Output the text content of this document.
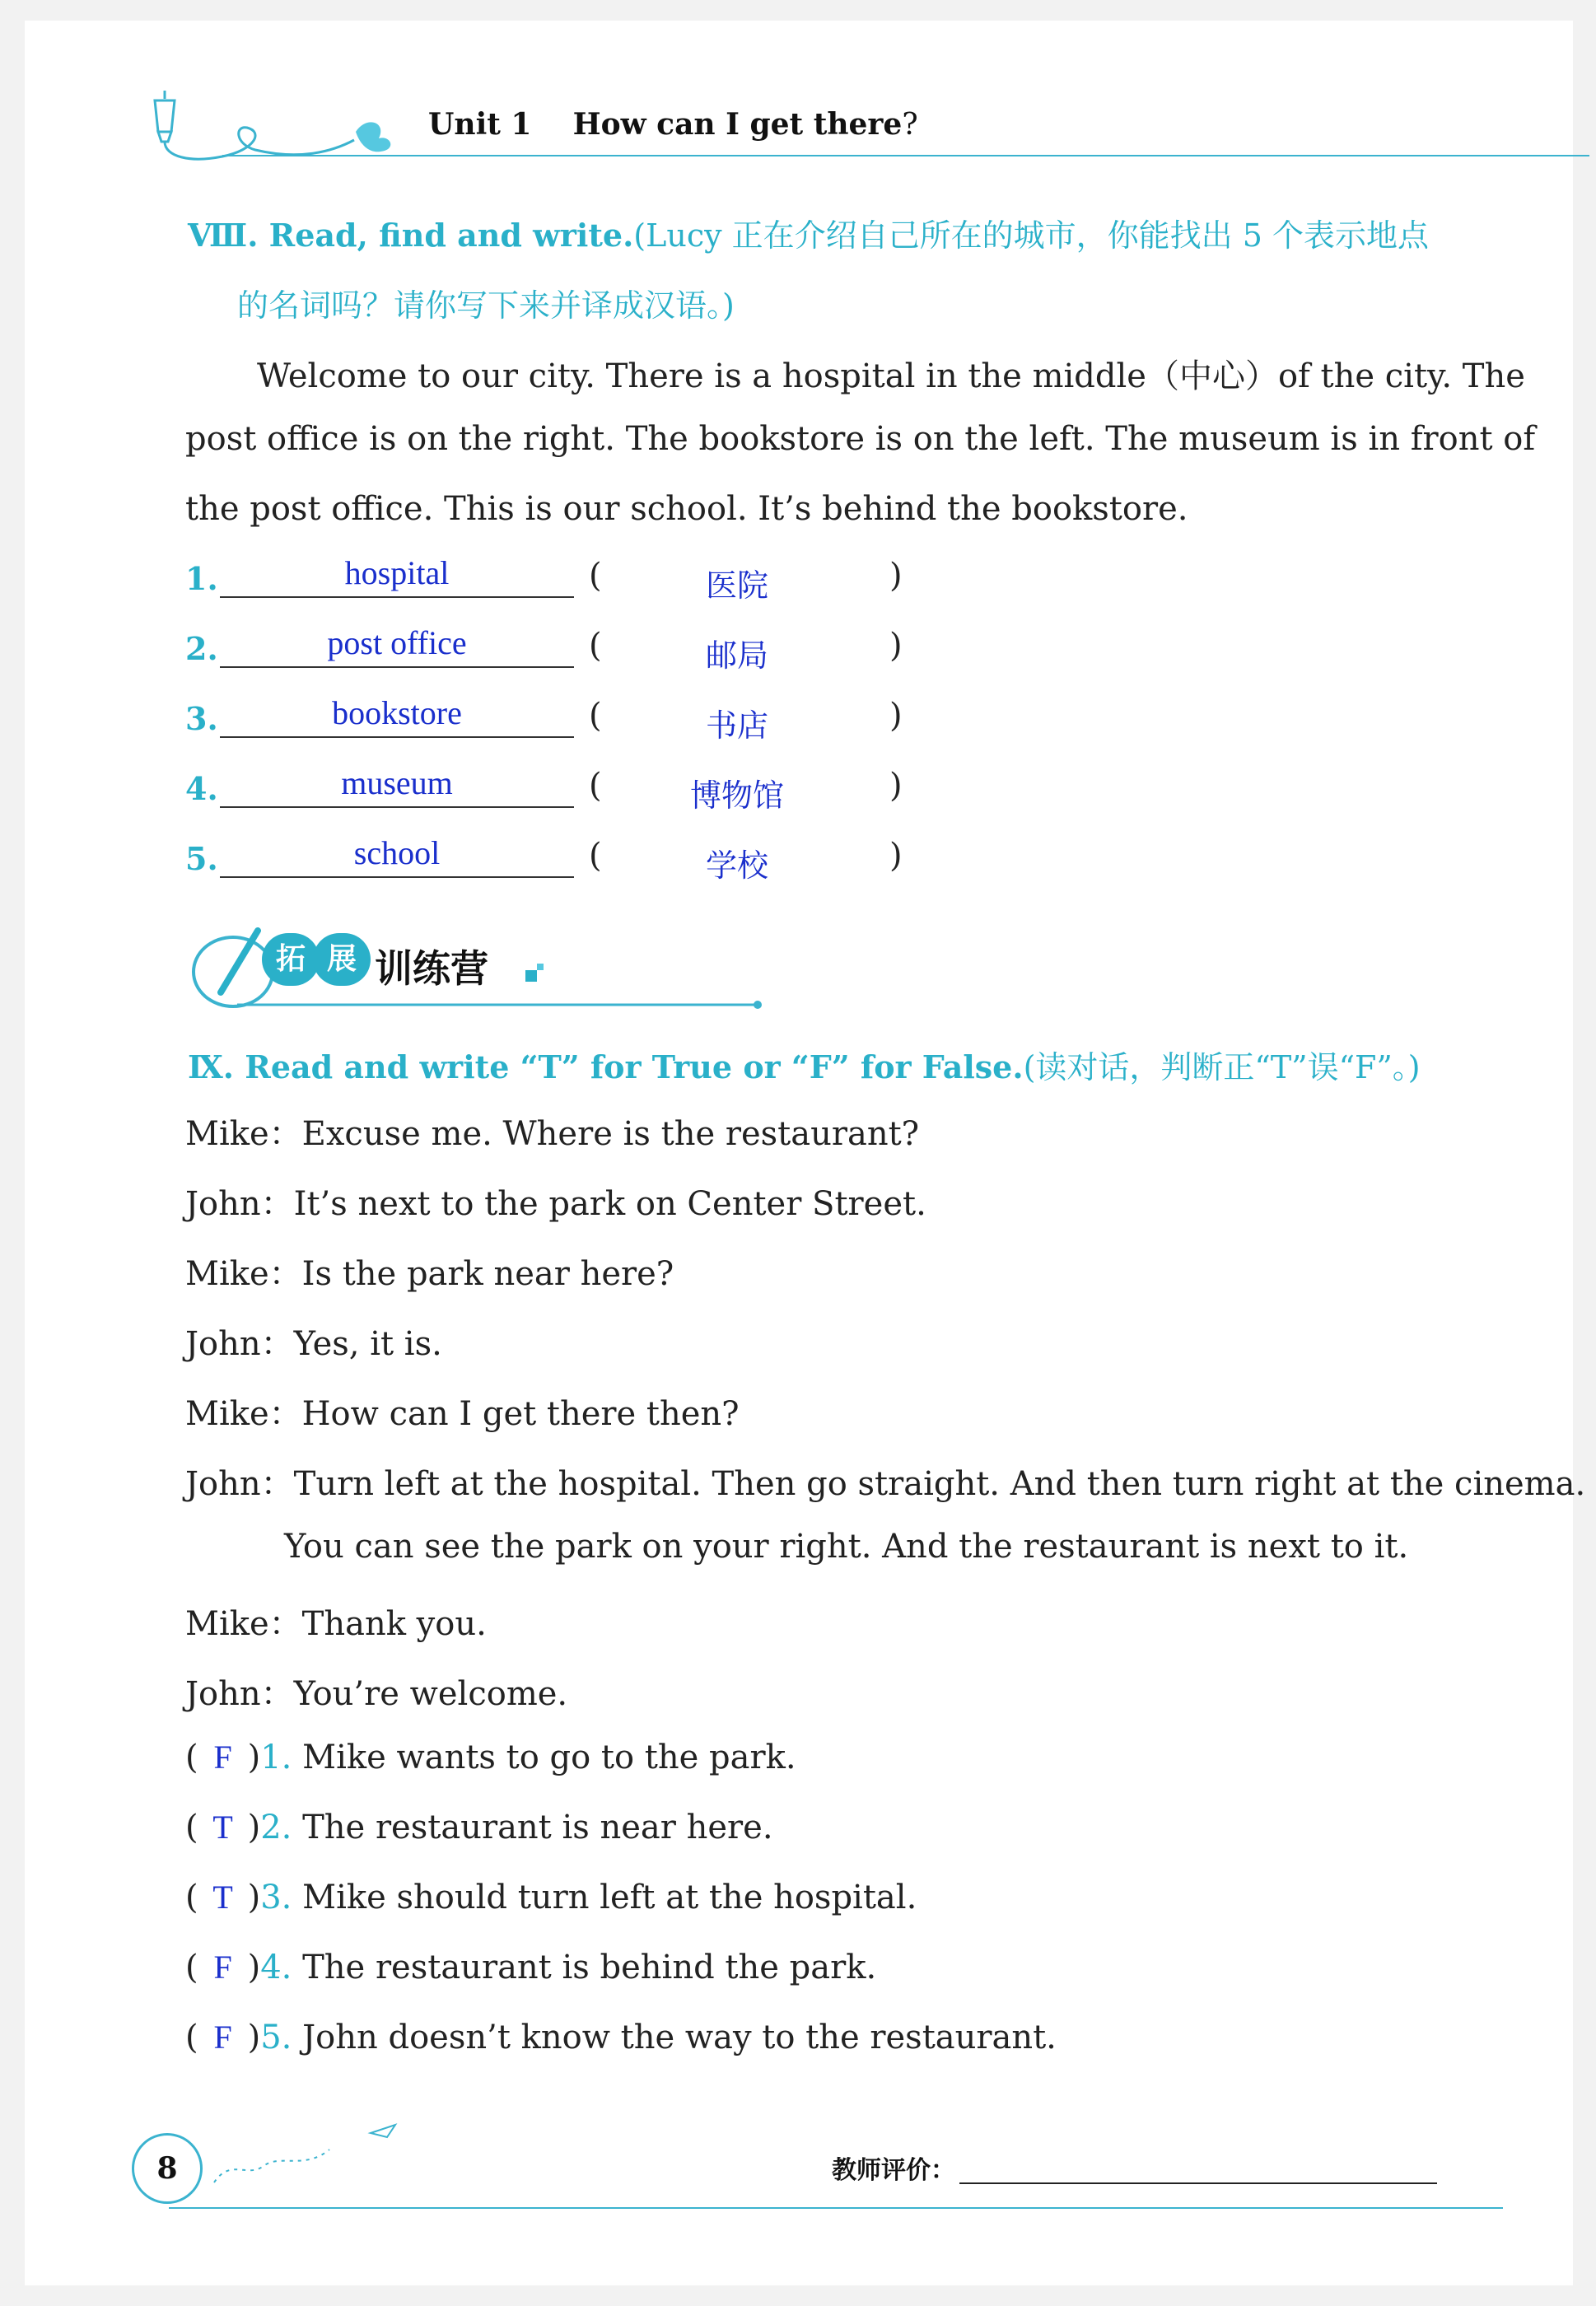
Unit 1 How can I get there?
Ⅷ. Read, find and write.(Lucy 正在介绍自己所在的城市，你能找出 5 个表示地点
的名词吗？请你写下来并译成汉语。)
Welcome to our city. There is a hospital in the middle（中心）of the city. The
post office is on the right. The bookstore is on the left. The museum is in front of
the post office. This is our school. It’s behind the bookstore.
1.	hospital	(	医院	)
2.	post office	(	邮局	)
3.	bookstore	(	书店	)
4.	museum	(	博物馆	)
5.	school	(	学校	)
拓 展 训练营
Ⅸ. Read and write “T” for True or “F” for False.(读对话，判断正“T”误“F”。)
Mike：Excuse me. Where is the restaurant?
John：It’s next to the park on Center Street.
Mike：Is the park near here?
John：Yes, it is.
Mike：How can I get there then?
John：Turn left at the hospital. Then go straight. And then turn right at the cinema.
You can see the park on your right. And the restaurant is next to it.
Mike：Thank you.
John：You’re welcome.
( F )1. Mike wants to go to the park.
( T )2. The restaurant is near here.
( T )3. Mike should turn left at the hospital.
( F )4. The restaurant is behind the park.
( F )5. John doesn’t know the way to the restaurant.
8	教师评价：
